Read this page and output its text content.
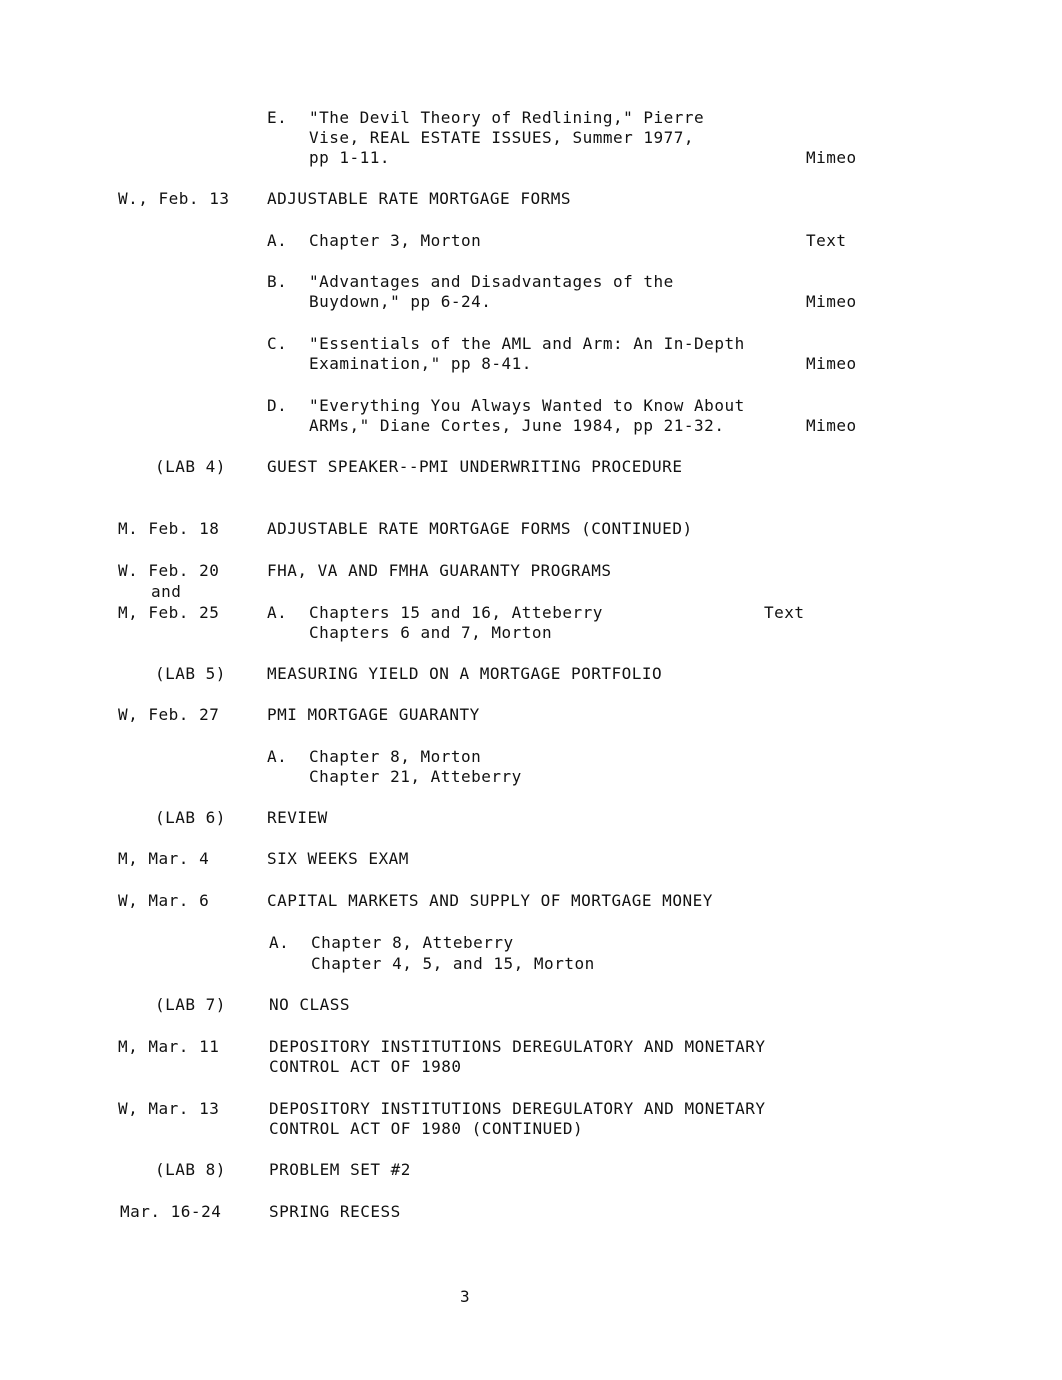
E. "The Devil Theory of Redlining," Pierre
Vise, REAL ESTATE ISSUES, Summer 1977,
pp 1-11.	Mimeo
W., Feb. 13 ADJUSTABLE RATE MORTGAGE FORMS
A. Chapter 3, Morton	Text
B. "Advantages and Disadvantages of the
Buydown," pp 6-24.	Mimeo
C. "Essentials of the AML and Arm: An In-Depth
Examination," pp 8-41.	Mimeo
D. "Everything You Always Wanted to Know About
ARMs," Diane Cortes, June 1984, pp 21-32.	Mimeo
(LAB 4)	GUEST SPEAKER--PMI UNDERWRITING PROCEDURE
M. Feb. 18	ADJUSTABLE RATE MORTGAGE FORMS (CONTINUED)
W. Feb. 20	FHA, VA AND FMHA GUARANTY PROGRAMS
and
M, Feb. 25	A. Chapters 15 and 16, Atteberry	Text
Chapters 6 and 7, Morton
(LAB 5)	MEASURING YIELD ON A MORTGAGE PORTFOLIO
W, Feb. 27	PMI MORTGAGE GUARANTY
A. Chapter 8, Morton
Chapter 21, Atteberry
(LAB 6)	REVIEW
M, Mar. 4	SIX WEEKS EXAM
W, Mar. 6	CAPITAL MARKETS AND SUPPLY OF MORTGAGE MONEY
A. Chapter 8, Atteberry
Chapter 4, 5, and 15, Morton
(LAB 7)	NO CLASS
M, Mar. 11	DEPOSITORY INSTITUTIONS DEREGULATORY AND MONETARY
CONTROL ACT OF 1980
W, Mar. 13	DEPOSITORY INSTITUTIONS DEREGULATORY AND MONETARY
CONTROL ACT OF 1980 (CONTINUED)
(LAB 8)	PROBLEM SET #2
Mar. 16-24	SPRING RECESS
3
